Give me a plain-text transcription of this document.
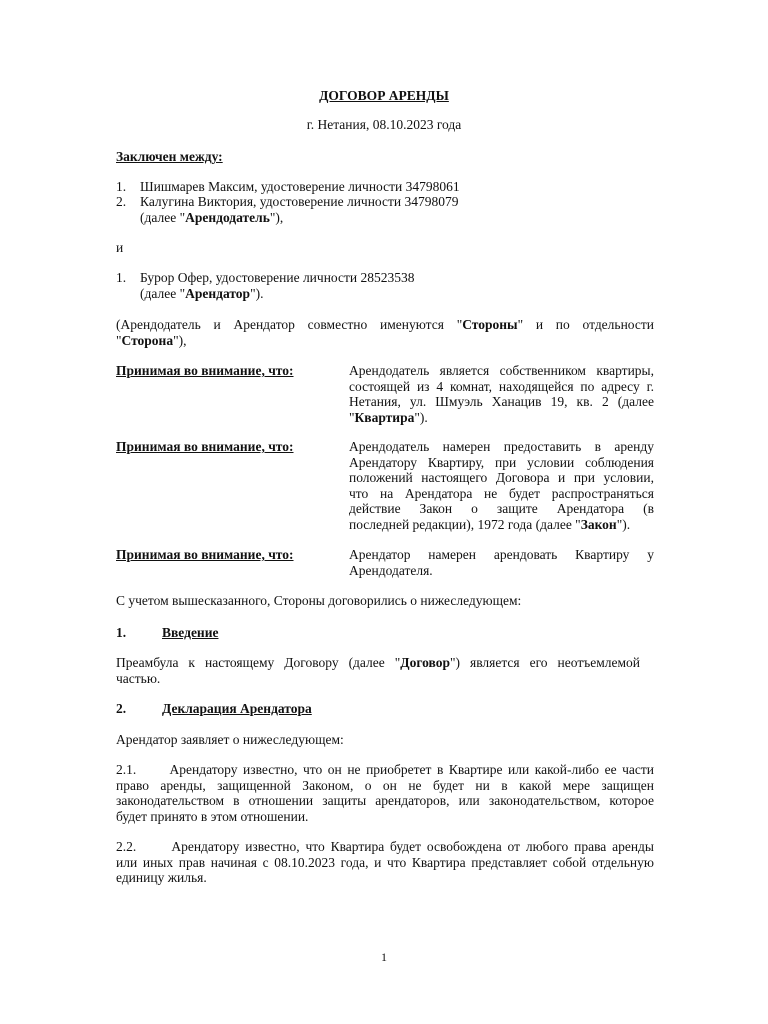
ДОГОВОР АРЕНДЫ
г. Нетания, 08.10.2023 года
Заключен между:
1. Шишмарев Максим, удостоверение личности 34798061
2. Калугина Виктория, удостоверение личности 34798079
(далее "Арендодатель"),
и
1. Бурор Офер, удостоверение личности 28523538
(далее "Арендатор").
(Арендодатель и Арендатор совместно именуются "Стороны" и по отдельности
"Сторона"),
Принимая во внимание, что:	Арендодатель является собственником квартиры,
состоящей из 4 комнат, находящейся по адресу г.
Нетания, ул. Шмуэль Ханацив 19, кв. 2 (далее
"Квартира").
Принимая во внимание, что:	Арендодатель намерен предоставить в аренду
Арендатору Квартиру, при условии соблюдения
положений настоящего Договора и при условии,
что на Арендатора не будет распространяться
действие Закон о защите Арендатора (в
последней редакции), 1972 года (далее "Закон").
Принимая во внимание, что:	Арендатор намерен арендовать Квартиру у
Арендодателя.
С учетом вышесказанного, Стороны договорились о нижеследующем:
1.	Введение
Преамбула к настоящему Договору (далее "Договор") является его неотъемлемой
частью.
2.	Декларация Арендатора
Арендатор заявляет о нижеследующем:
2.1.      Арендатору известно, что он не приобретет в Квартире или какой-либо ее части
право аренды, защищенной Законом, о он не будет ни в какой мере защищен
законодательством в отношении защиты арендаторов, или законодательством, которое
будет принято в этом отношении.
2.2.      Арендатору известно, что Квартира будет освобождена от любого права аренды
или иных прав начиная с 08.10.2023 года, и что Квартира представляет собой отдельную
единицу жилья.
1
